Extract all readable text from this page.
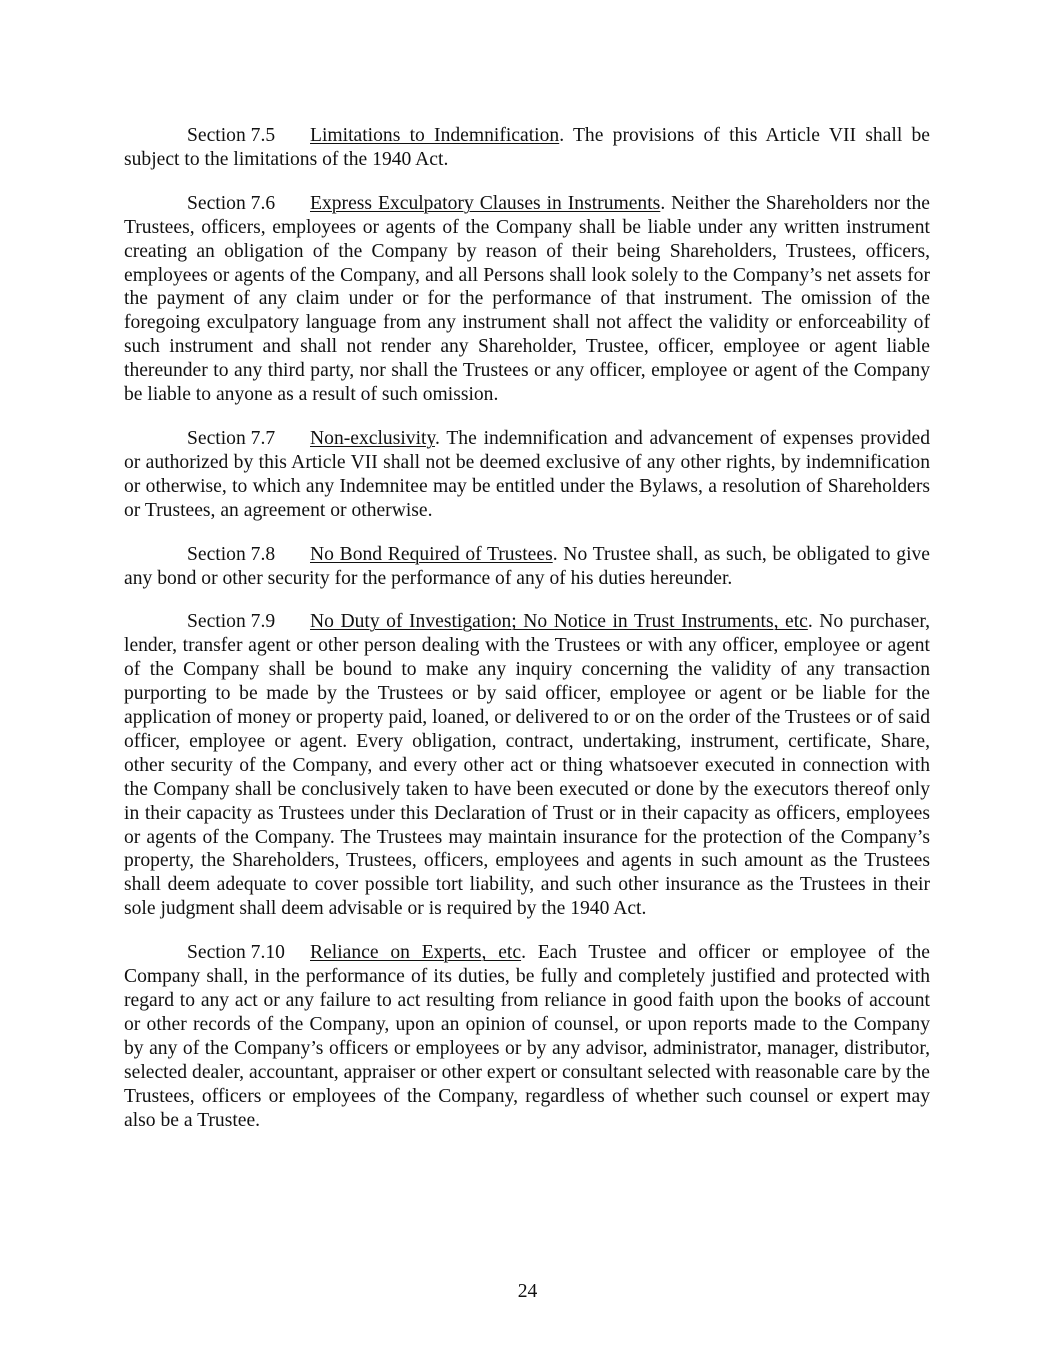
Section 7.5 Limitations to Indemnification. The provisions of this Article VII shall be subject to the limitations of the 1940 Act.

Section 7.6 Express Exculpatory Clauses in Instruments. Neither the Shareholders nor the Trustees, officers, employees or agents of the Company shall be liable under any written instrument creating an obligation of the Company by reason of their being Shareholders, Trustees, officers, employees or agents of the Company, and all Persons shall look solely to the Company’s net assets for the payment of any claim under or for the performance of that instrument. The omission of the foregoing exculpatory language from any instrument shall not affect the validity or enforceability of such instrument and shall not render any Shareholder, Trustee, officer, employee or agent liable thereunder to any third party, nor shall the Trustees or any officer, employee or agent of the Company be liable to anyone as a result of such omission.

Section 7.7 Non-exclusivity. The indemnification and advancement of expenses provided or authorized by this Article VII shall not be deemed exclusive of any other rights, by indemnification or otherwise, to which any Indemnitee may be entitled under the Bylaws, a resolution of Shareholders or Trustees, an agreement or otherwise.

Section 7.8 No Bond Required of Trustees. No Trustee shall, as such, be obligated to give any bond or other security for the performance of any of his duties hereunder.

Section 7.9 No Duty of Investigation; No Notice in Trust Instruments, etc. No purchaser, lender, transfer agent or other person dealing with the Trustees or with any officer, employee or agent of the Company shall be bound to make any inquiry concerning the validity of any transaction purporting to be made by the Trustees or by said officer, employee or agent or be liable for the application of money or property paid, loaned, or delivered to or on the order of the Trustees or of said officer, employee or agent. Every obligation, contract, undertaking, instrument, certificate, Share, other security of the Company, and every other act or thing whatsoever executed in connection with the Company shall be conclusively taken to have been executed or done by the executors thereof only in their capacity as Trustees under this Declaration of Trust or in their capacity as officers, employees or agents of the Company. The Trustees may maintain insurance for the protection of the Company’s property, the Shareholders, Trustees, officers, employees and agents in such amount as the Trustees shall deem adequate to cover possible tort liability, and such other insurance as the Trustees in their sole judgment shall deem advisable or is required by the 1940 Act.

Section 7.10 Reliance on Experts, etc. Each Trustee and officer or employee of the Company shall, in the performance of its duties, be fully and completely justified and protected with regard to any act or any failure to act resulting from reliance in good faith upon the books of account or other records of the Company, upon an opinion of counsel, or upon reports made to the Company by any of the Company’s officers or employees or by any advisor, administrator, manager, distributor, selected dealer, accountant, appraiser or other expert or consultant selected with reasonable care by the Trustees, officers or employees of the Company, regardless of whether such counsel or expert may also be a Trustee.

24
